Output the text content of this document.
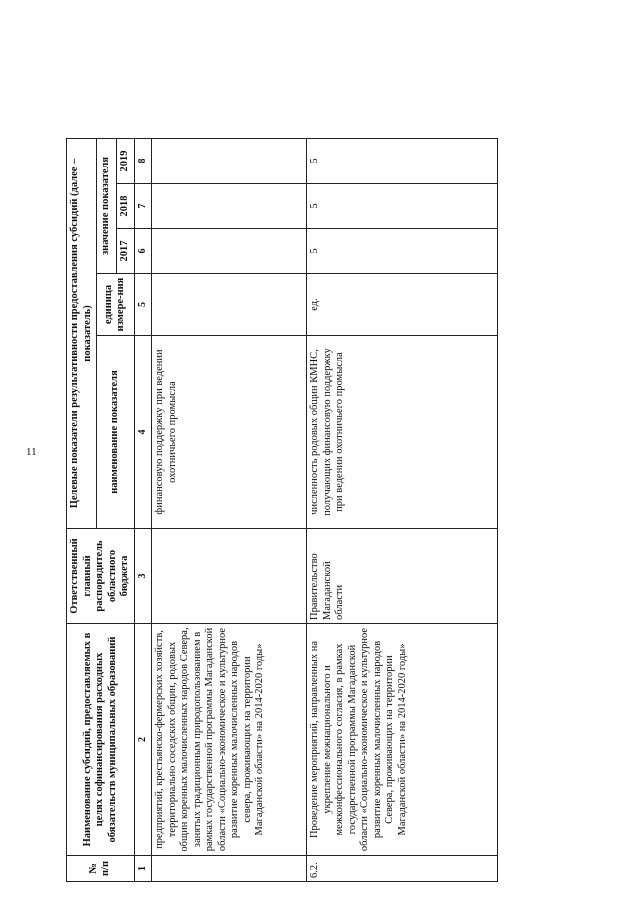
11
№ п/п	Наименование субсидий, предоставляемых в целях софинансирования расходных обязательств муниципальных образований	Ответственный главный распорядитель областного бюджета	Целевые показатели результативности предоставления субсидий (далее – показатель)					
			наименование показателя	единица измере-ния	значение показателя			
					2017	2018	2019	
1	2	3	4	5	6	7	8	
	предприятий, крестьянско-фермерских хозяйств, территориально соседских общин, родовых общин коренных малочисленных народов Севера, занятых традиционным природопользованием в рамках государственной программы Магаданской области «Социально-экономическое и культурное развитие коренных малочисленных народов севера, проживающих на территории Магаданской области» на 2014-2020 годы»		финансовую поддержку при ведении охотничьего промысла					
6.2.	Проведение мероприятий, направленных на укрепление межнационального и межконфессионального согласия, в рамках государственной программы Магаданской области «Социально-экономическое и культурное развитие коренных малочисленных народов Севера, проживающих на территории Магаданской области» на 2014-2020 годы»	Правительство Магаданской области	численность родовых общин КМНС, получающих финансовую поддержку при ведении охотничьего промысла	ед.	5	5	5	
